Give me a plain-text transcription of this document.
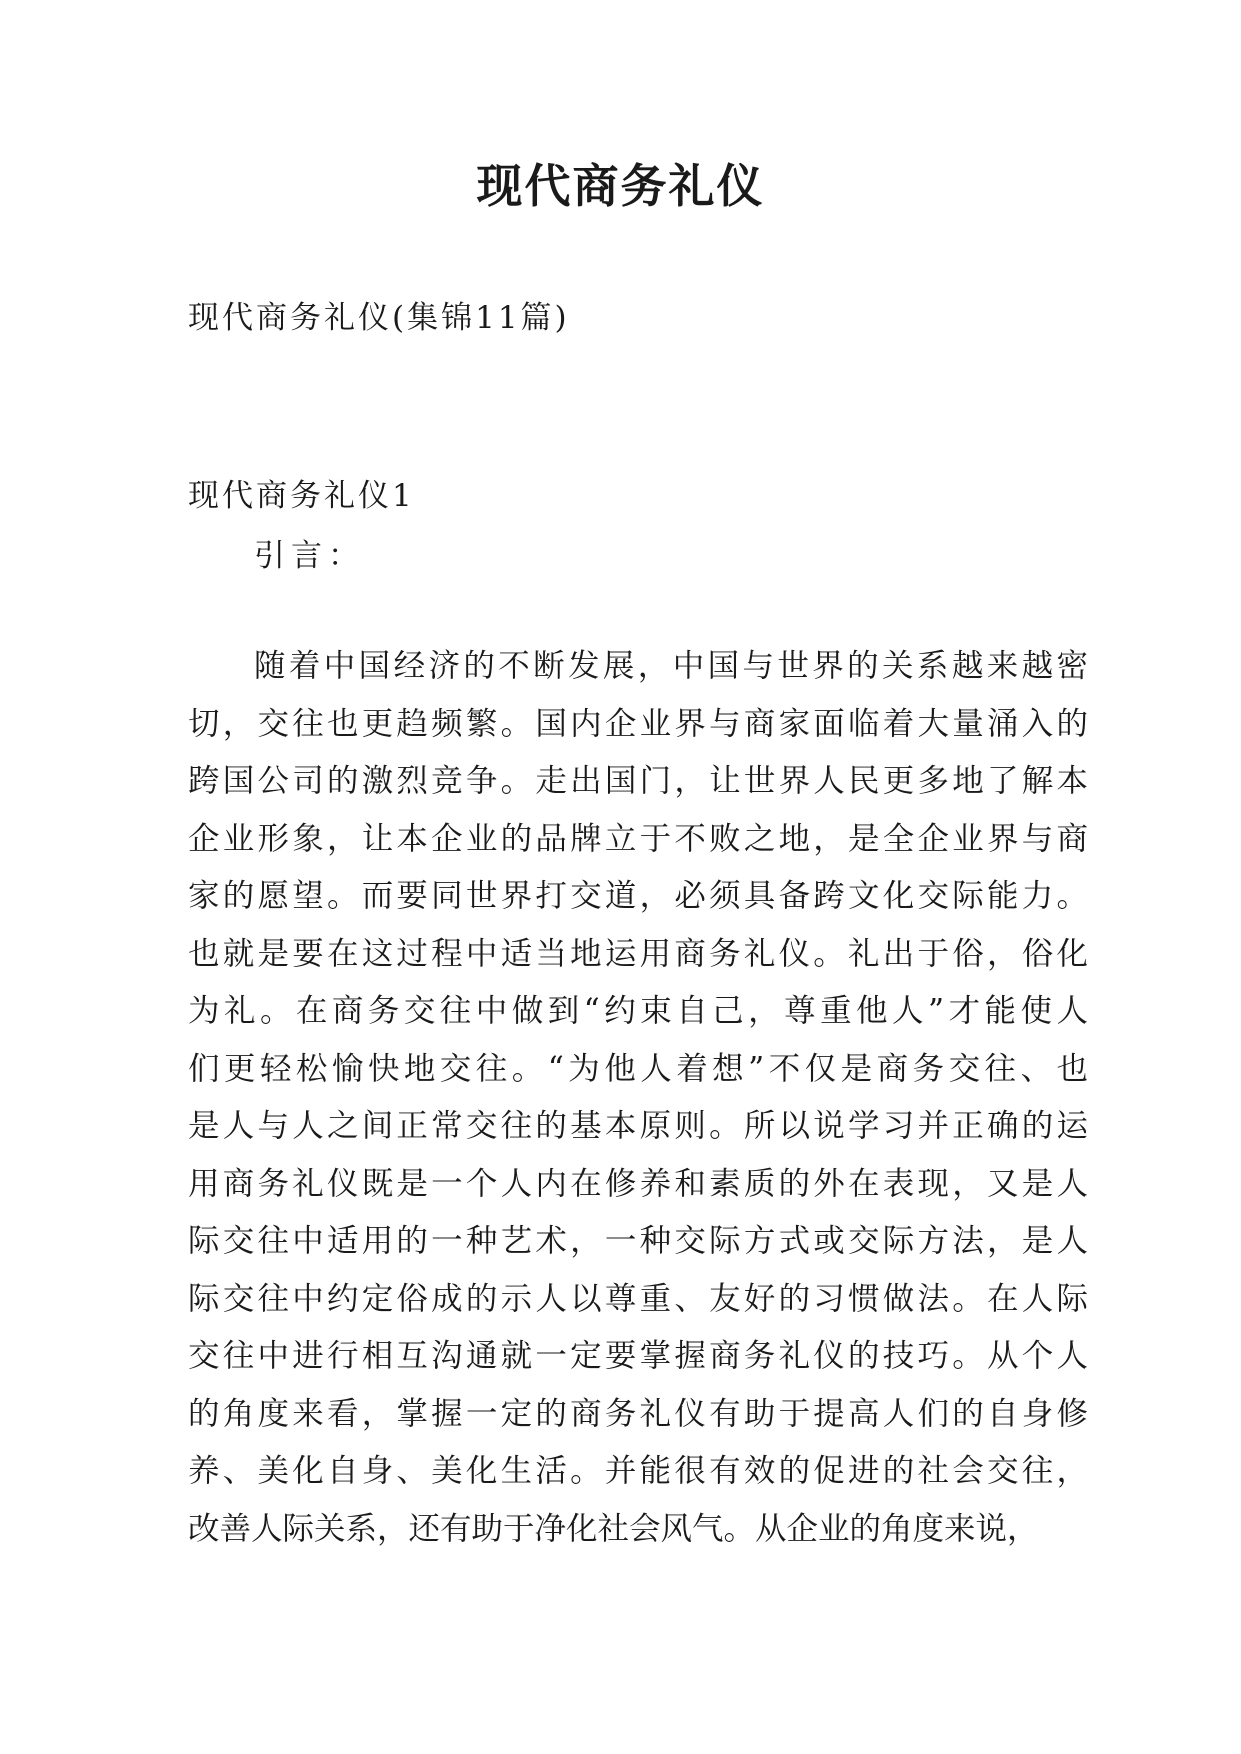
现代商务礼仪

现代商务礼仪(集锦11篇)

现代商务礼仪1

引言：

随着中国经济的不断发展，中国与世界的关系越来越密
切，交往也更趋频繁。国内企业界与商家面临着大量涌入的
跨国公司的激烈竞争。走出国门，让世界人民更多地了解本
企业形象，让本企业的品牌立于不败之地，是全企业界与商
家的愿望。而要同世界打交道，必须具备跨文化交际能力。
也就是要在这过程中适当地运用商务礼仪。礼出于俗，俗化
为礼。在商务交往中做到“约束自己，尊重他人”才能使人
们更轻松愉快地交往。“为他人着想”不仅是商务交往、也
是人与人之间正常交往的基本原则。所以说学习并正确的运
用商务礼仪既是一个人内在修养和素质的外在表现，又是人
际交往中适用的一种艺术，一种交际方式或交际方法，是人
际交往中约定俗成的示人以尊重、友好的习惯做法。在人际
交往中进行相互沟通就一定要掌握商务礼仪的技巧。从个人
的角度来看，掌握一定的商务礼仪有助于提高人们的自身修
养、美化自身、美化生活。并能很有效的促进的社会交往，
改善人际关系，还有助于净化社会风气。从企业的角度来说，
